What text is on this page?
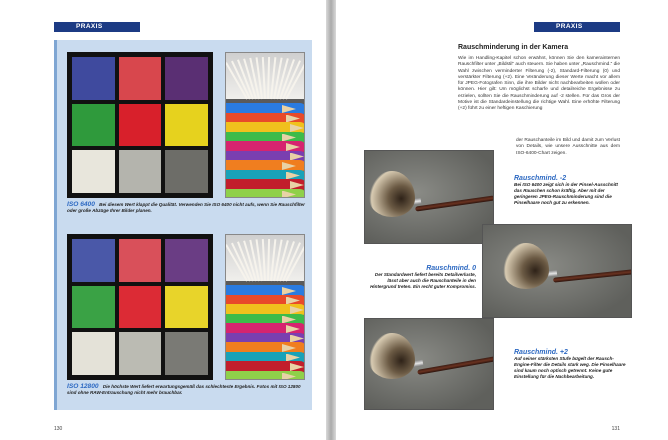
PRAXIS
ISO 6400 Bei diesem Wert klappt die Qualität. Verwenden Sie ISO 6400 nicht aufs, wenn Sie Rauschfilter oder große Abzüge Ihrer Bilder planen.
ISO 12800 Die höchste Wert liefert erwartungsgemäß das schlechteste Ergebnis. Fotos mit ISO 12800 sind ohne RAW-Entrauschung nicht mehr brauchbar.
130
PRAXIS
Rauschminderung in der Kamera
Wie im Handling-Kapitel schon erwähnt, können Sie den kamerainternen Rauschfilter unter „Bildstil“ auch steuern. Sie haben unter „Rauschmind.“ die Wahl zwischen verminderter Filterung (-2), Standard-Filterung (0) und verstärkter Filterung (+2). Eine Veränderung dieser Werte macht vor allem für JPEG-Fotografen Sinn, die ihre Bilder nicht nachbearbeiten wollen oder können. Hier gilt: Um möglichst scharfe und detailreiche Ergebnisse zu erzielen, sollten Sie die Rauschminderung auf -2 stellen. Für das Gros der Motive ist die Standardeinstellung die richtige Wahl. Eine erhöhte Filterung (+2) führt zu einer heftigen Kaschierung
der Rauschanteile im Bild und damit zum Verlust von Details, wie unsere Ausschnitte aus dem ISO-6400-Chart zeigen.
Rauschmind. -2
Bei ISO 6400 zeigt sich in der Pinsel-Ausschnitt das Rauschen schon kräftig. Aber mit der geringeren JPEG-Rauschminderung sind die Pinselhaare noch gut zu erkennen.
Rauschmind. 0
Der Standardwert liefert bereits Detailverluste, lässt aber auch die Rauschanteile in den Hintergrund treten. Ein recht guter Kompromiss.
Rauschmind. +2
Auf seiner stärksten Stufe bügelt der Rausch-Engine-Filter die Details stark weg. Die Pinselhaare sind kaum noch optisch getrennt. Keine gute Einstellung für die Nachbearbeitung.
131
